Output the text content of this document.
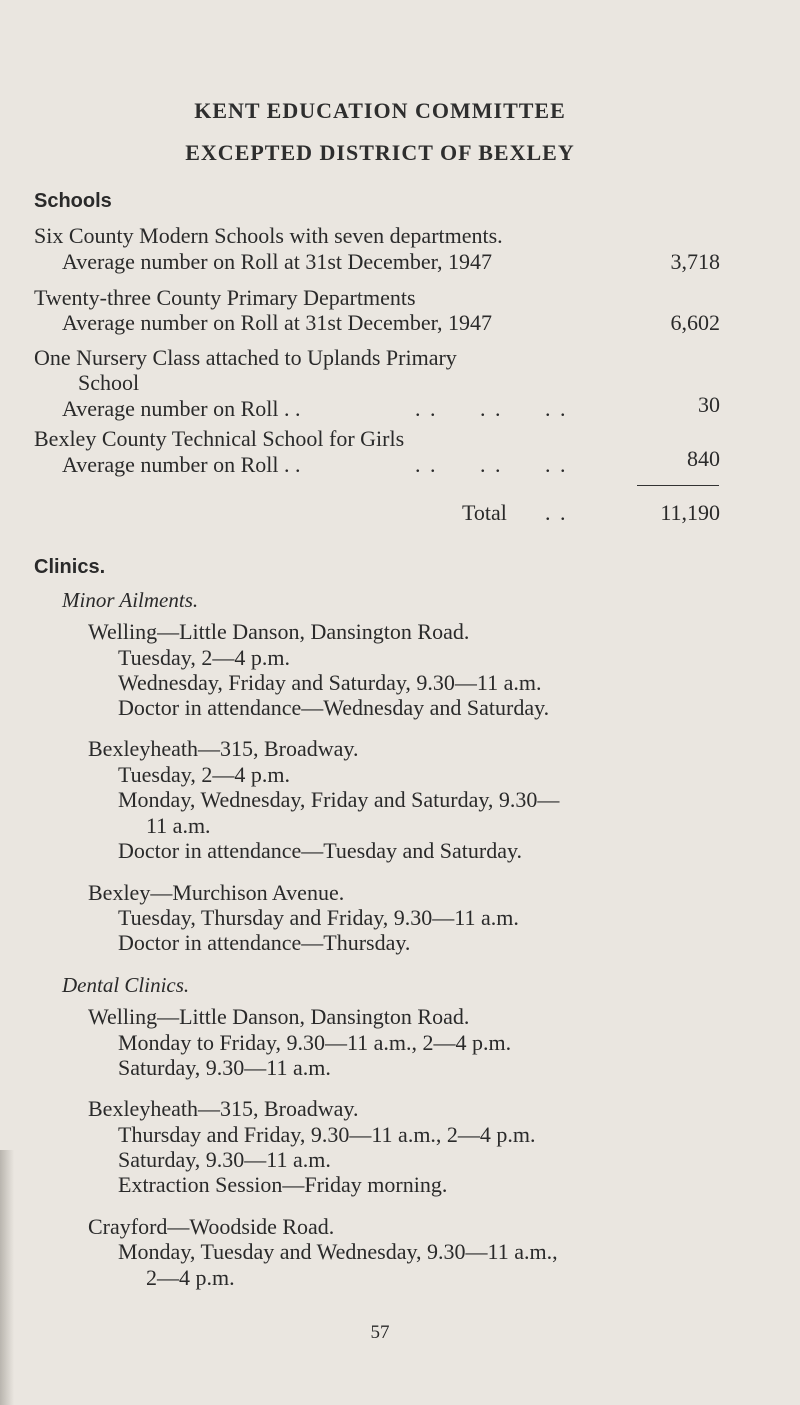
KENT EDUCATION COMMITTEE
EXCEPTED DISTRICT OF BEXLEY
Schools
Six County Modern Schools with seven departments.
Average number on Roll at 31st December, 1947	3,718
Twenty-three County Primary Departments
Average number on Roll at 31st December, 1947	6,602
One Nursery Class attached to Uplands Primary
School
Average number on Roll . .	. . . . . .	30
Bexley County Technical School for Girls
Average number on Roll . .	. . . . . .	840
Total . .	11,190
Clinics.
Minor Ailments.
Welling—Little Danson, Dansington Road.
Tuesday, 2—4 p.m.
Wednesday, Friday and Saturday, 9.30—11 a.m.
Doctor in attendance—Wednesday and Saturday.
Bexleyheath—315, Broadway.
Tuesday, 2—4 p.m.
Monday, Wednesday, Friday and Saturday, 9.30—
11 a.m.
Doctor in attendance—Tuesday and Saturday.
Bexley—Murchison Avenue.
Tuesday, Thursday and Friday, 9.30—11 a.m.
Doctor in attendance—Thursday.
Dental Clinics.
Welling—Little Danson, Dansington Road.
Monday to Friday, 9.30—11 a.m., 2—4 p.m.
Saturday, 9.30—11 a.m.
Bexleyheath—315, Broadway.
Thursday and Friday, 9.30—11 a.m., 2—4 p.m.
Saturday, 9.30—11 a.m.
Extraction Session—Friday morning.
Crayford—Woodside Road.
Monday, Tuesday and Wednesday, 9.30—11 a.m.,
2—4 p.m.
57
